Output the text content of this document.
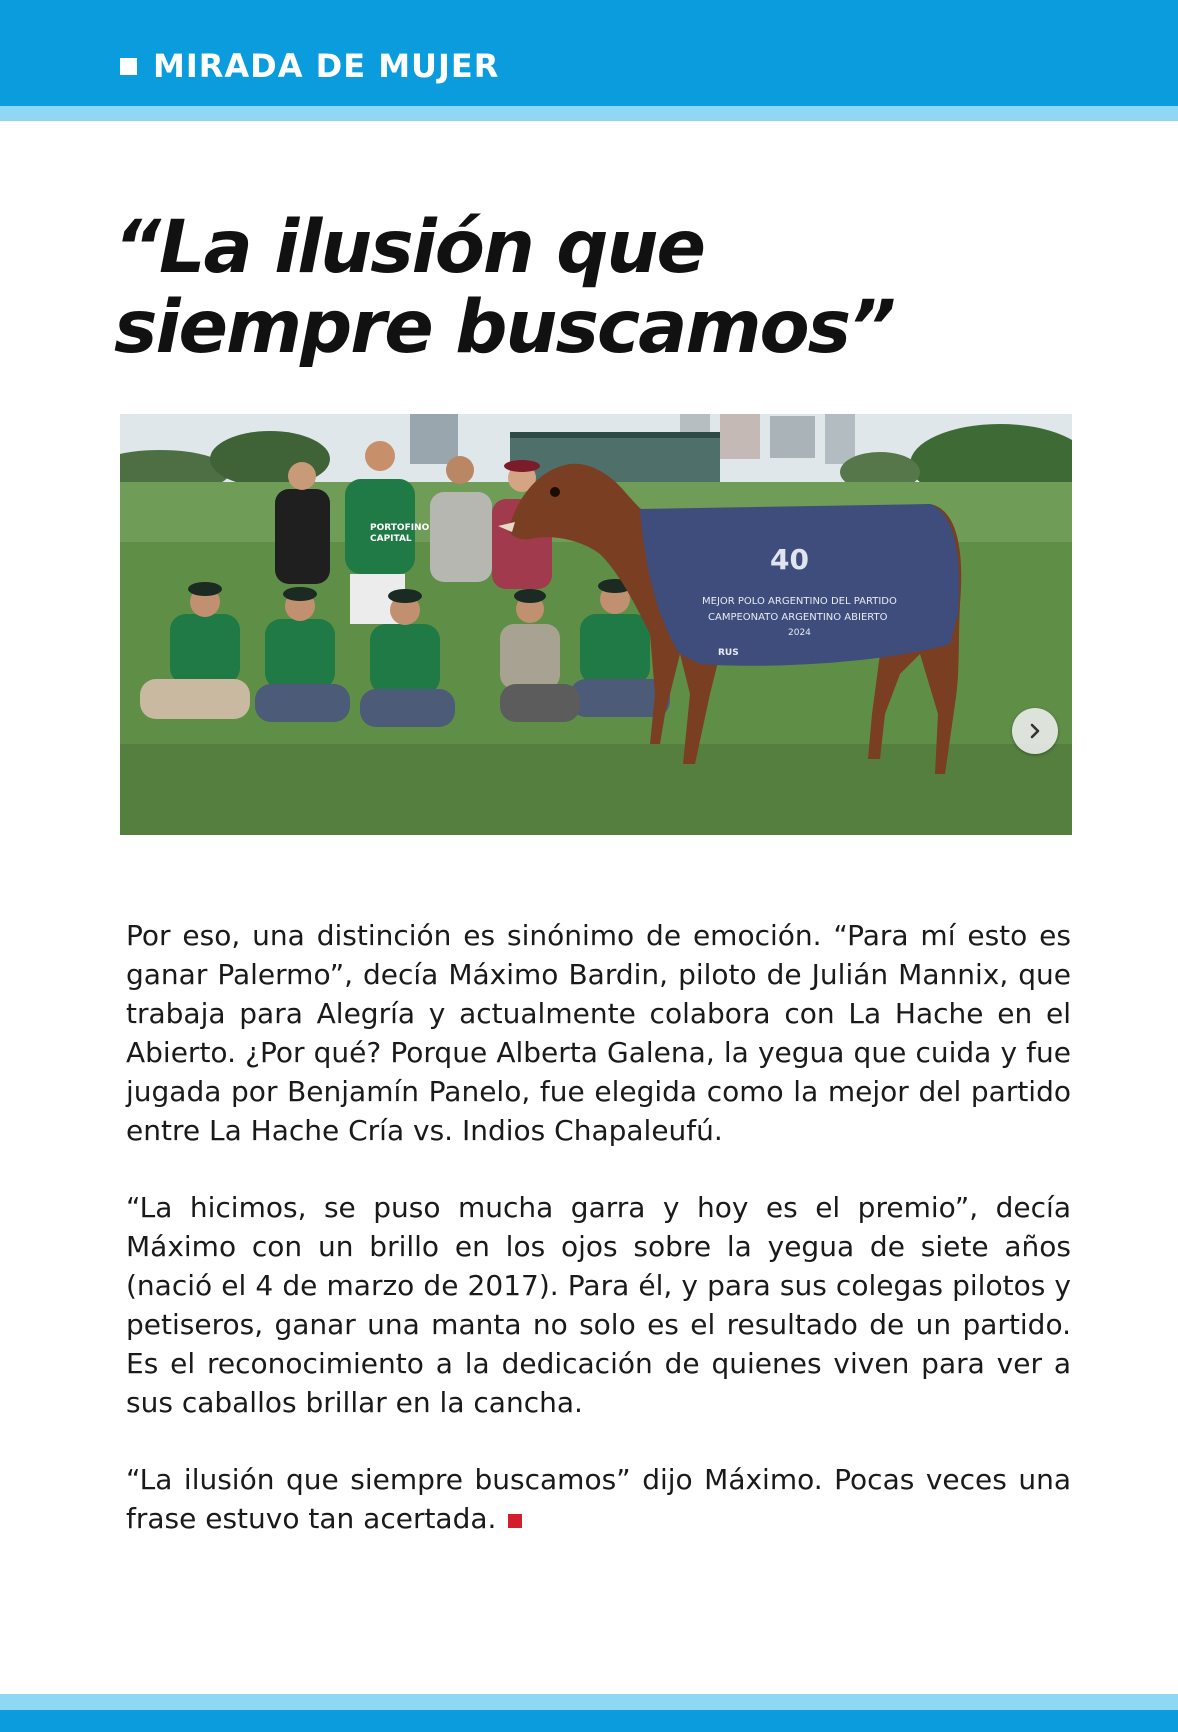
MIRADA DE MUJER
“La ilusión que
siempre buscamos”
PORTOFINO
CAPITAL
40
MEJOR POLO ARGENTINO DEL PARTIDO
CAMPEONATO ARGENTINO ABIERTO
2024
RUS

Por eso, una distinción es sinónimo de emoción. “Para mí esto es ganar Palermo”, decía Máximo Bardin, piloto de Julián Mannix, que trabaja para Alegría y actualmente colabora con La Hache en el Abierto. ¿Por qué? Porque Alberta Galena, la yegua que cuida y fue jugada por Benjamín Panelo, fue elegida como la mejor del partido entre La Hache Cría vs. Indios Chapaleufú.

“La hicimos, se puso mucha garra y hoy es el premio”, decía Máximo con un brillo en los ojos sobre la yegua de siete años (nació el 4 de marzo de 2017). Para él, y para sus colegas pilotos y petiseros, ganar una manta no solo es el resultado de un partido. Es el reconocimiento a la dedicación de quienes viven para ver a sus caballos brillar en la cancha.

“La ilusión que siempre buscamos” dijo Máximo. Pocas veces una frase estuvo tan acertada.
